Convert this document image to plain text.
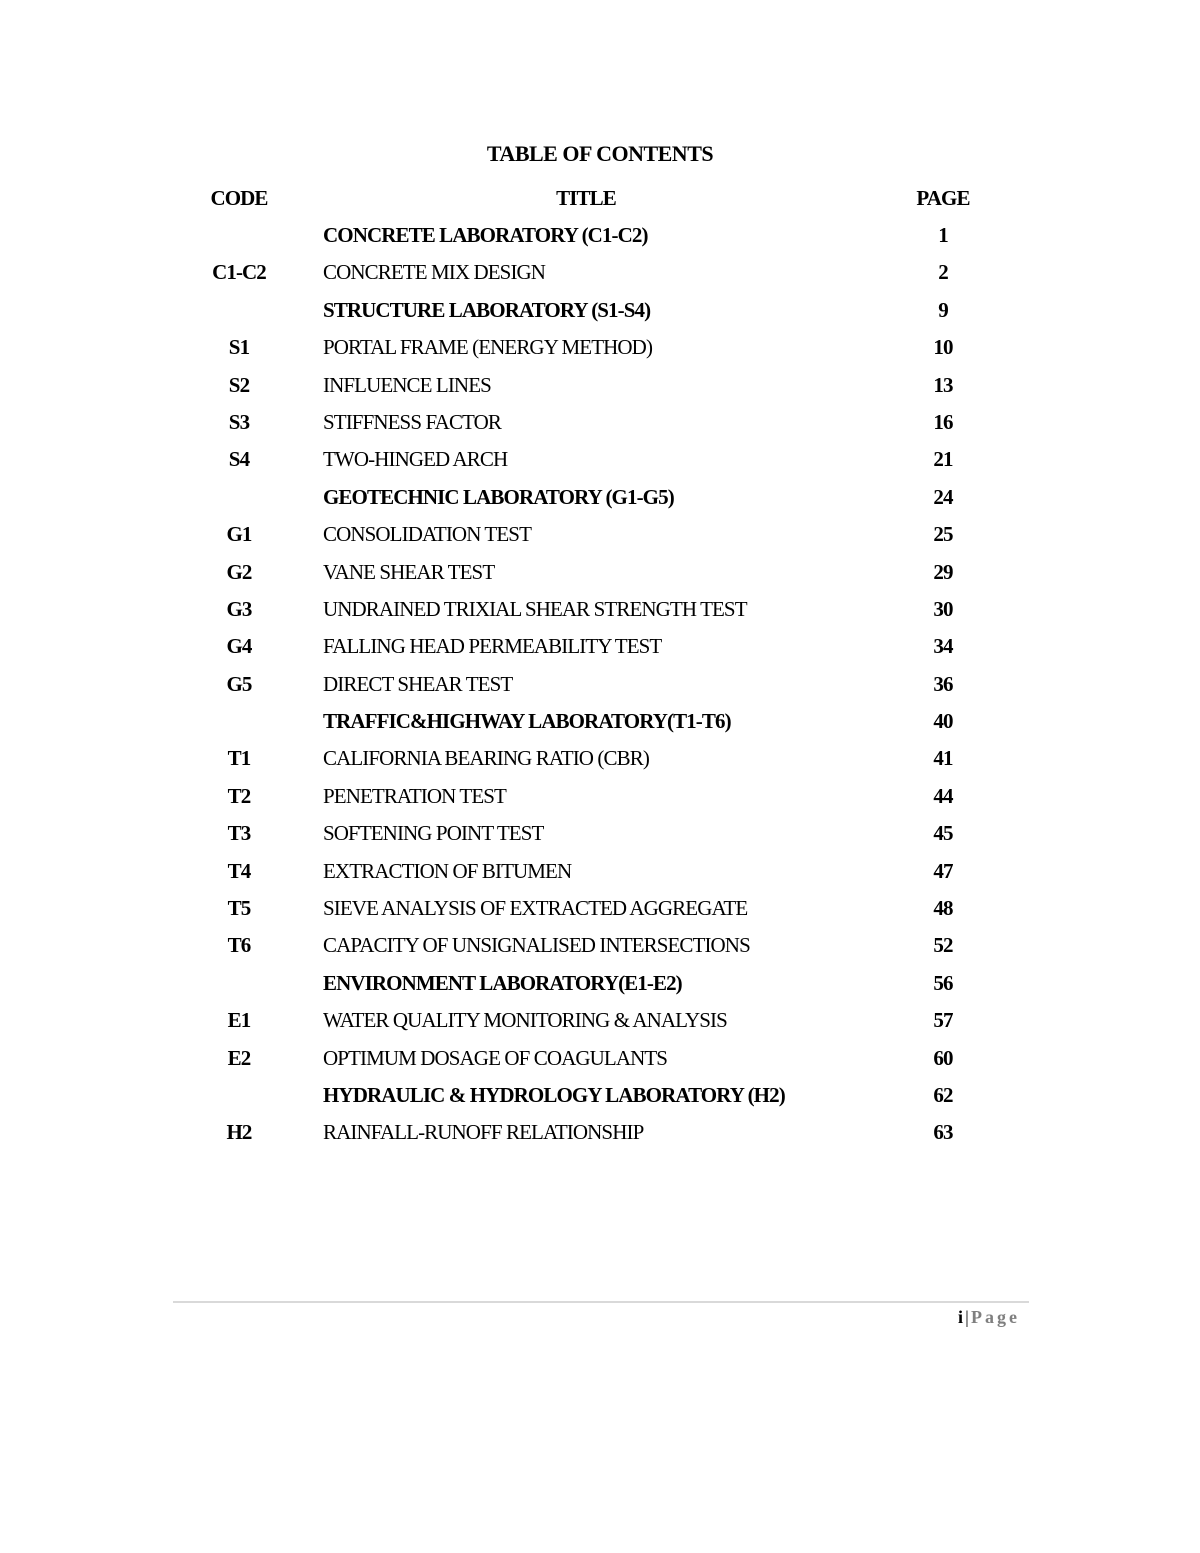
TABLE OF CONTENTS
CODE	TITLE	PAGE
CONCRETE LABORATORY (C1-C2)	1
C1-C2	CONCRETE MIX DESIGN	2
STRUCTURE LABORATORY (S1-S4)	9
S1	PORTAL FRAME (ENERGY METHOD)	10
S2	INFLUENCE LINES	13
S3	STIFFNESS FACTOR	16
S4	TWO-HINGED ARCH	21
GEOTECHNIC LABORATORY (G1-G5)	24
G1	CONSOLIDATION TEST	25
G2	VANE SHEAR TEST	29
G3	UNDRAINED TRIXIAL SHEAR STRENGTH TEST	30
G4	FALLING HEAD PERMEABILITY TEST	34
G5	DIRECT SHEAR TEST	36
TRAFFIC&HIGHWAY LABORATORY(T1-T6)	40
T1	CALIFORNIA BEARING RATIO (CBR)	41
T2	PENETRATION TEST	44
T3	SOFTENING POINT TEST	45
T4	EXTRACTION OF BITUMEN	47
T5	SIEVE ANALYSIS OF EXTRACTED AGGREGATE	48
T6	CAPACITY OF UNSIGNALISED INTERSECTIONS	52
ENVIRONMENT LABORATORY(E1-E2)	56
E1	WATER QUALITY MONITORING & ANALYSIS	57
E2	OPTIMUM DOSAGE OF COAGULANTS	60
HYDRAULIC & HYDROLOGY LABORATORY (H2)	62
H2	RAINFALL-RUNOFF RELATIONSHIP	63
i | Page
